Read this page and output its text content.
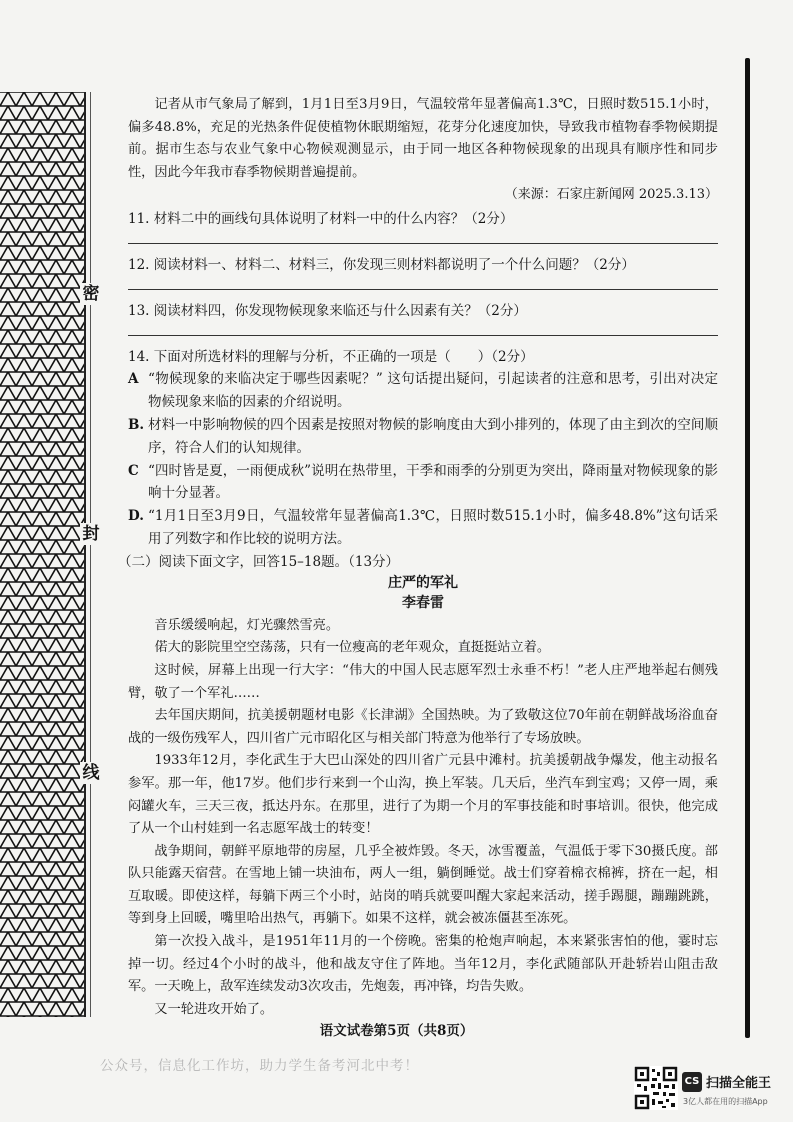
密
封
线

记者从市气象局了解到，1月1日至3月9日，气温较常年显著偏高1.3℃，日照时数515.1小时，偏多48.8%，充足的光热条件促使植物休眠期缩短，花芽分化速度加快，导致我市植物春季物候期提前。据市生态与农业气象中心物候观测显示，由于同一地区各种物候现象的出现具有顺序性和同步性，因此今年我市春季物候期普遍提前。

（来源：石家庄新闻网 2025.3.13）

11. 材料二中的画线句具体说明了材料一中的什么内容？（2分）

12. 阅读材料一、材料二、材料三，你发现三则材料都说明了一个什么问题？（2分）

13. 阅读材料四，你发现物候现象来临还与什么因素有关？（2分）

14. 下面对所选材料的理解与分析，不正确的一项是（　　）（2分）

A “物候现象的来临决定于哪些因素呢？” 这句话提出疑问，引起读者的注意和思考，引出对决定物候现象来临的因素的介绍说明。
B. 材料一中影响物候的四个因素是按照对物候的影响度由大到小排列的，体现了由主到次的空间顺序，符合人们的认知规律。
C “四时皆是夏，一雨便成秋”说明在热带里，干季和雨季的分别更为突出，降雨量对物候现象的影响十分显著。
D. “1月1日至3月9日，气温较常年显著偏高1.3℃，日照时数515.1小时，偏多48.8%”这句话采用了列数字和作比较的说明方法。

（二）阅读下面文字，回答15–18题。（13分）

庄严的军礼

李春雷

音乐缓缓响起，灯光骤然雪亮。

偌大的影院里空空荡荡，只有一位瘦高的老年观众，直挺挺站立着。

这时候，屏幕上出现一行大字：“伟大的中国人民志愿军烈士永垂不朽！”老人庄严地举起右侧残臂，敬了一个军礼……

去年国庆期间，抗美援朝题材电影《长津湖》全国热映。为了致敬这位70年前在朝鲜战场浴血奋战的一级伤残军人，四川省广元市昭化区与相关部门特意为他举行了专场放映。

1933年12月，李化武生于大巴山深处的四川省广元县中滩村。抗美援朝战争爆发，他主动报名参军。那一年，他17岁。他们步行来到一个山沟，换上军装。几天后，坐汽车到宝鸡；又停一周，乘闷罐火车，三天三夜，抵达丹东。在那里，进行了为期一个月的军事技能和时事培训。很快，他完成了从一个山村娃到一名志愿军战士的转变！

战争期间，朝鲜平原地带的房屋，几乎全被炸毁。冬天，冰雪覆盖，气温低于零下30摄氏度。部队只能露天宿营。在雪地上铺一块油布，两人一组，躺倒睡觉。战士们穿着棉衣棉裤，挤在一起，相互取暖。即使这样，每躺下两三个小时，站岗的哨兵就要叫醒大家起来活动，搓手踢腿，蹦蹦跳跳，等到身上回暖，嘴里哈出热气，再躺下。如果不这样，就会被冻僵甚至冻死。

第一次投入战斗，是1951年11月的一个傍晚。密集的枪炮声响起，本来紧张害怕的他，霎时忘掉一切。经过4个小时的战斗，他和战友守住了阵地。当年12月，李化武随部队开赴轿岩山阻击敌军。一天晚上，敌军连续发动3次攻击，先炮轰，再冲锋，均告失败。

又一轮进攻开始了。

语文试卷第5页（共8页）
公众号，信息化工作坊，助力学生备考河北中考！
CS 扫描全能王
3亿人都在用的扫描App
